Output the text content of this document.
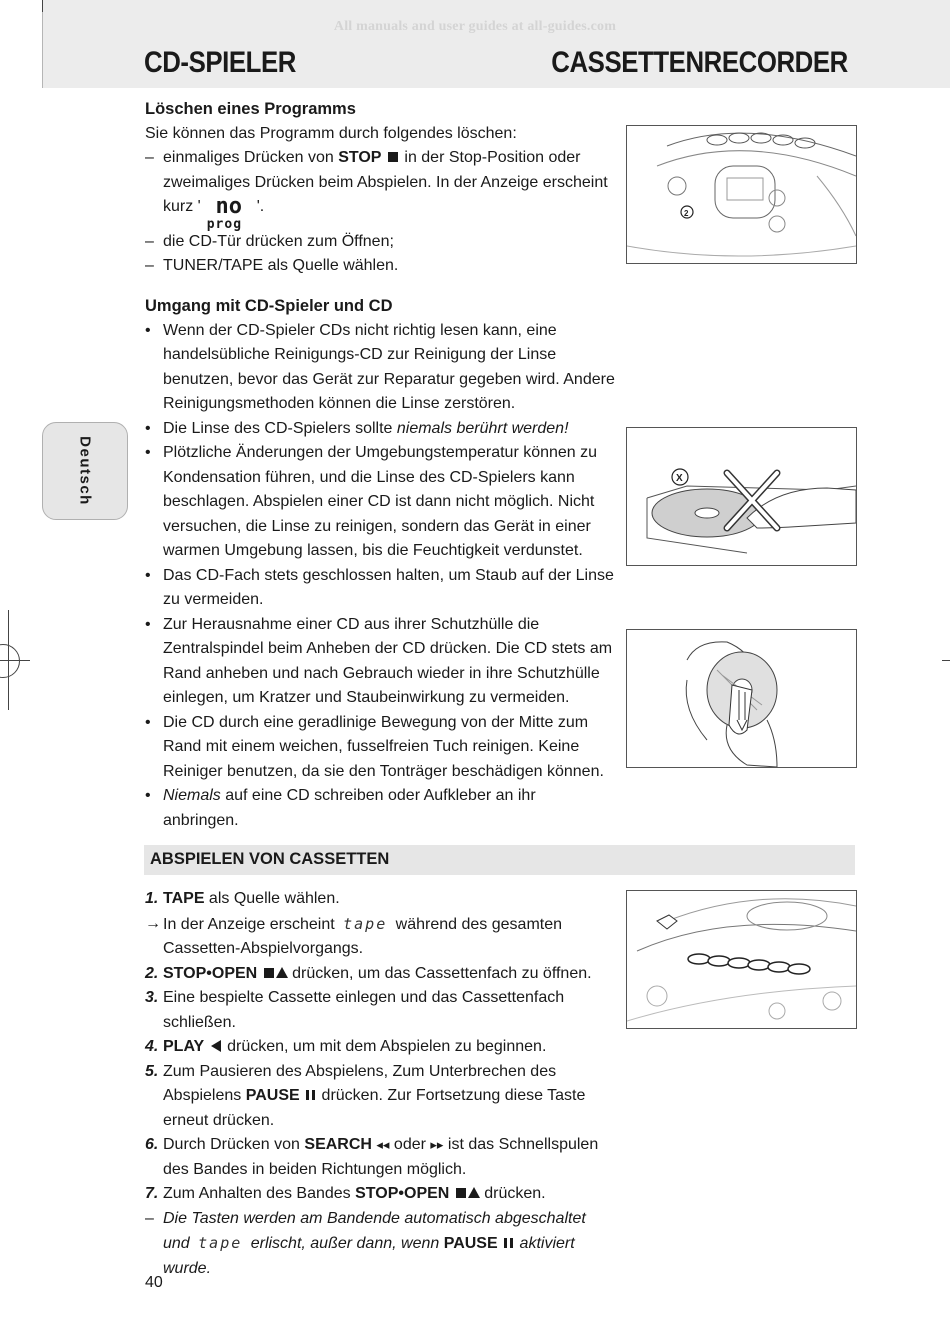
All manuals and user guides at all-guides.com
CD-SPIELER	CASSETTENRECORDER
Deutsch

Löschen eines Programms

Sie können das Programm durch folgendes löschen:

– einmaliges Drücken von STOP  in der Stop-Position oder zweimaliges Drücken beim Abspielen. In der Anzeige erscheint kurz ' no
prog
'.

– die CD-Tür drücken zum Öffnen;

– TUNER/TAPE als Quelle wählen.

Umgang mit CD-Spieler und CD

• Wenn der CD-Spieler CDs nicht richtig lesen kann, eine handelsübliche Reinigungs-CD zur Reinigung der Linse benutzen, bevor das Gerät zur Reparatur gegeben wird. Andere Reinigungsmethoden können die Linse zerstören.

• Die Linse des CD-Spielers sollte niemals berührt werden!

• Plötzliche Änderungen der Umgebungstemperatur können zu Kondensation führen, und die Linse des CD-Spielers kann beschlagen. Abspielen einer CD ist dann nicht möglich. Nicht versuchen, die Linse zu reinigen, sondern das Gerät in einer warmen Umgebung lassen, bis die Feuchtigkeit verdunstet.

• Das CD-Fach stets geschlossen halten, um Staub auf der Linse zu vermeiden.

• Zur Herausnahme einer CD aus ihrer Schutzhülle die Zentralspindel beim Anheben der CD drücken. Die CD stets am Rand anheben und nach Gebrauch wieder in ihre Schutzhülle einlegen, um Kratzer und Staubeinwirkung zu vermeiden.

• Die CD durch eine geradlinige Bewegung von der Mitte zum Rand mit einem weichen, fusselfreien Tuch reinigen. Keine Reiniger benutzen, da sie den Tonträger beschädigen können.

• Niemals auf eine CD schreiben oder Aufkleber an ihr anbringen.

ABSPIELEN VON CASSETTEN

1. TAPE als Quelle wählen.

→ In der Anzeige erscheint tape während des gesamten Cassetten-Abspielvorgangs.

2. STOP•OPEN  drücken, um das Cassettenfach zu öffnen.

3. Eine bespielte Cassette einlegen und das Cassettenfach schließen.

4. PLAY  drücken, um mit dem Abspielen zu beginnen.

5. Zum Pausieren des Abspielens, Zum Unterbrechen des Abspielens PAUSE  drücken. Zur Fortsetzung diese Taste erneut drücken.

6. Durch Drücken von SEARCH ◂◂ oder ▸▸ ist das Schnellspulen des Bandes in beiden Richtungen möglich.

7. Zum Anhalten des Bandes STOP•OPEN  drücken.

– Die Tasten werden am Bandende automatisch abgeschaltet und tape erlischt, außer dann, wenn PAUSE  aktiviert wurde.

2
X
40
